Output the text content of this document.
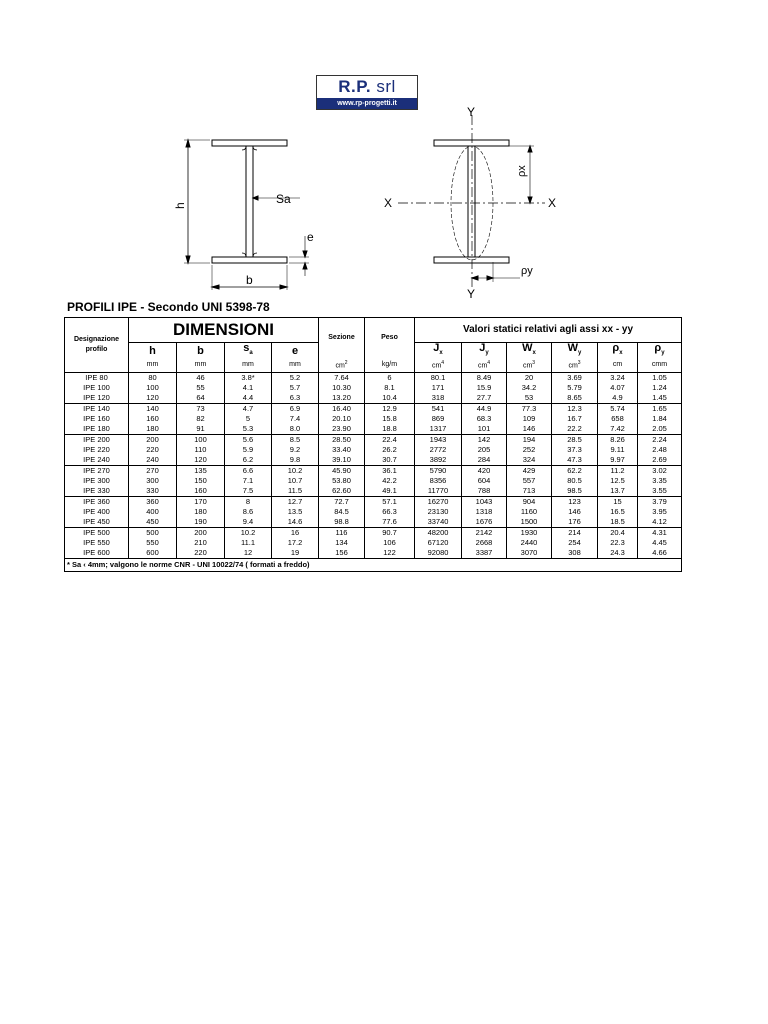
R.P. srl
www.rp-progetti.it
h	Sa
e
b
Y
Y
X	X
ρx
ρy
PROFILI IPE - Secondo UNI 5398-78
Designazione
profilo	DIMENSIONI				Sezione	Peso	Valori statici relativi agli assi xx - yy					
	h	b	$s_a$	e			$J_x$	$J_y$	$W_x$	$W_y$	$\rho_x$	$\rho_y$
	mm	mm	mm	mm	$cm^2$	kg/m	$cm^4$	$cm^4$	$cm^3$	$cm^3$	cm	cmm
IPE 80	80	46	3.8*	5.2	7.64	6	80.1	8.49	20	3.69	3.24	1.05
IPE 100	100	55	4.1	5.7	10.30	8.1	171	15.9	34.2	5.79	4.07	1.24
IPE 120	120	64	4.4	6.3	13.20	10.4	318	27.7	53	8.65	4.9	1.45
IPE 140	140	73	4.7	6.9	16.40	12.9	541	44.9	77.3	12.3	5.74	1.65
IPE 160	160	82	5	7.4	20.10	15.8	869	68.3	109	16.7	658	1.84
IPE 180	180	91	5.3	8.0	23.90	18.8	1317	101	146	22.2	7.42	2.05
IPE 200	200	100	5.6	8.5	28.50	22.4	1943	142	194	28.5	8.26	2.24
IPE 220	220	110	5.9	9.2	33.40	26.2	2772	205	252	37.3	9.11	2.48
IPE 240	240	120	6.2	9.8	39.10	30.7	3892	284	324	47.3	9.97	2.69
IPE 270	270	135	6.6	10.2	45.90	36.1	5790	420	429	62.2	11.2	3.02
IPE 300	300	150	7.1	10.7	53.80	42.2	8356	604	557	80.5	12.5	3.35
IPE 330	330	160	7.5	11.5	62.60	49.1	11770	788	713	98.5	13.7	3.55
IPE 360	360	170	8	12.7	72.7	57.1	16270	1043	904	123	15	3.79
IPE 400	400	180	8.6	13.5	84.5	66.3	23130	1318	1160	146	16.5	3.95
IPE 450	450	190	9.4	14.6	98.8	77.6	33740	1676	1500	176	18.5	4.12
IPE 500	500	200	10.2	16	116	90.7	48200	2142	1930	214	20.4	4.31
IPE 550	550	210	11.1	17.2	134	106	67120	2668	2440	254	22.3	4.45
IPE 600	600	220	12	19	156	122	92080	3387	3070	308	24.3	4.66
* Sa ‹ 4mm; valgono le norme CNR - UNI 10022/74 ( formati a freddo)												
